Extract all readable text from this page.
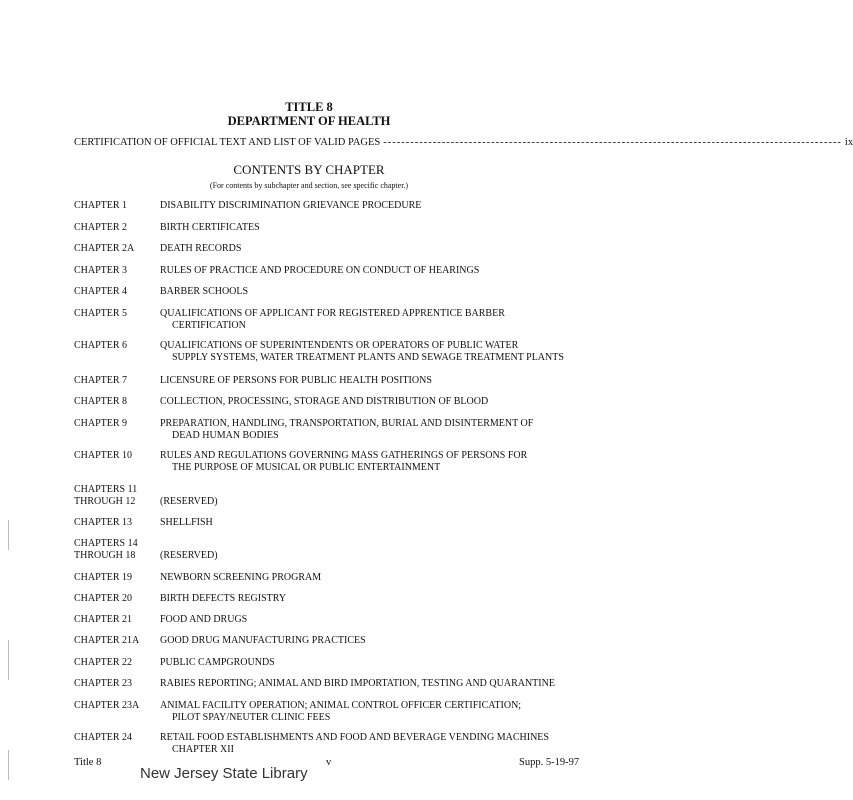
TITLE 8
DEPARTMENT OF HEALTH
CERTIFICATION OF OFFICIAL TEXT AND LIST OF VALID PAGES ------------------------------------------------------------------------------------------------------ ix
CONTENTS BY CHAPTER
(For contents by subchapter and section, see specific chapter.)
CHAPTER 1	DISABILITY DISCRIMINATION GRIEVANCE PROCEDURE
CHAPTER 2	BIRTH CERTIFICATES
CHAPTER 2A	DEATH RECORDS
CHAPTER 3	RULES OF PRACTICE AND PROCEDURE ON CONDUCT OF HEARINGS
CHAPTER 4	BARBER SCHOOLS
CHAPTER 5	QUALIFICATIONS OF APPLICANT FOR REGISTERED APPRENTICE BARBER
CERTIFICATION
CHAPTER 6	QUALIFICATIONS OF SUPERINTENDENTS OR OPERATORS OF PUBLIC WATER
SUPPLY SYSTEMS, WATER TREATMENT PLANTS AND SEWAGE TREATMENT PLANTS
CHAPTER 7	LICENSURE OF PERSONS FOR PUBLIC HEALTH POSITIONS
CHAPTER 8	COLLECTION, PROCESSING, STORAGE AND DISTRIBUTION OF BLOOD
CHAPTER 9	PREPARATION, HANDLING, TRANSPORTATION, BURIAL AND DISINTERMENT OF
DEAD HUMAN BODIES
CHAPTER 10	RULES AND REGULATIONS GOVERNING MASS GATHERINGS OF PERSONS FOR
THE PURPOSE OF MUSICAL OR PUBLIC ENTERTAINMENT
CHAPTERS 11
THROUGH 12	(RESERVED)
CHAPTER 13	SHELLFISH
CHAPTERS 14
THROUGH 18	(RESERVED)
CHAPTER 19	NEWBORN SCREENING PROGRAM
CHAPTER 20	BIRTH DEFECTS REGISTRY
CHAPTER 21	FOOD AND DRUGS
CHAPTER 21A	GOOD DRUG MANUFACTURING PRACTICES
CHAPTER 22	PUBLIC CAMPGROUNDS
CHAPTER 23	RABIES REPORTING; ANIMAL AND BIRD IMPORTATION, TESTING AND QUARANTINE
CHAPTER 23A	ANIMAL FACILITY OPERATION; ANIMAL CONTROL OFFICER CERTIFICATION;
PILOT SPAY/NEUTER CLINIC FEES
CHAPTER 24	RETAIL FOOD ESTABLISHMENTS AND FOOD AND BEVERAGE VENDING MACHINES
CHAPTER XII
Title 8	v	Supp. 5-19-97
New Jersey State Library
